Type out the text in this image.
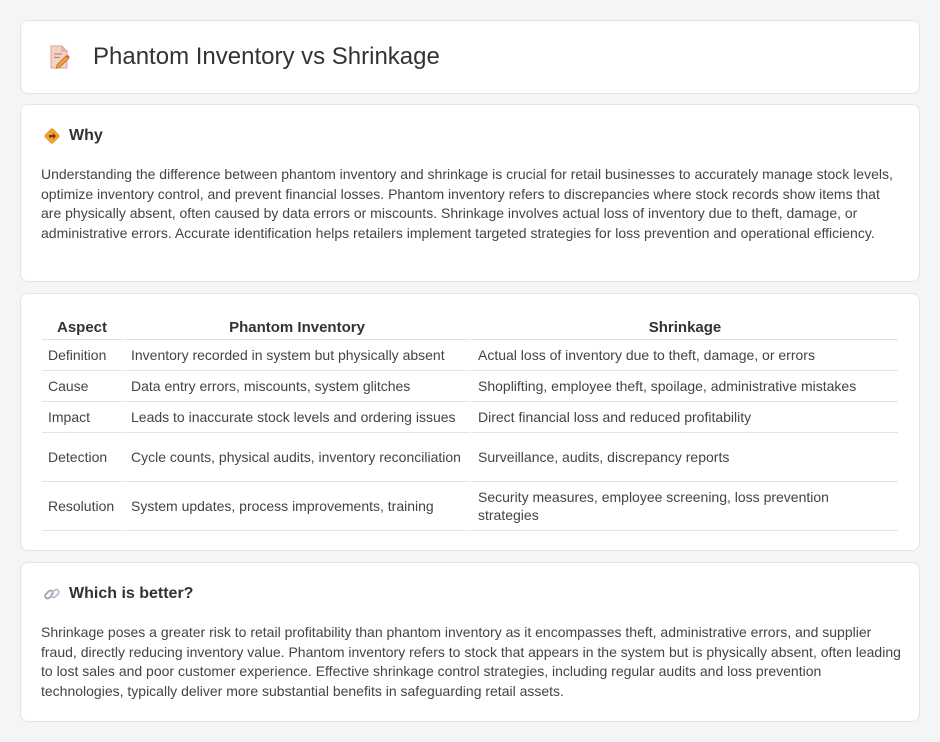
Phantom Inventory vs Shrinkage
Why

Understanding the difference between phantom inventory and shrinkage is crucial for retail businesses to accurately manage stock levels, optimize inventory control, and prevent financial losses. Phantom inventory refers to discrepancies where stock records show items that are physically absent, often caused by data errors or miscounts. Shrinkage involves actual loss of inventory due to theft, damage, or administrative errors. Accurate identification helps retailers implement targeted strategies for loss prevention and operational efficiency.

Aspect	Phantom Inventory	Shrinkage
Definition	Inventory recorded in system but physically absent	Actual loss of inventory due to theft, damage, or errors
Cause	Data entry errors, miscounts, system glitches	Shoplifting, employee theft, spoilage, administrative mistakes
Impact	Leads to inaccurate stock levels and ordering issues	Direct financial loss and reduced profitability
Detection	Cycle counts, physical audits, inventory reconciliation	Surveillance, audits, discrepancy reports
Resolution	System updates, process improvements, training	Security measures, employee screening, loss prevention strategies
Which is better?

Shrinkage poses a greater risk to retail profitability than phantom inventory as it encompasses theft, administrative errors, and supplier fraud, directly reducing inventory value. Phantom inventory refers to stock that appears in the system but is physically absent, often leading to lost sales and poor customer experience. Effective shrinkage control strategies, including regular audits and loss prevention technologies, typically deliver more substantial benefits in safeguarding retail assets.
